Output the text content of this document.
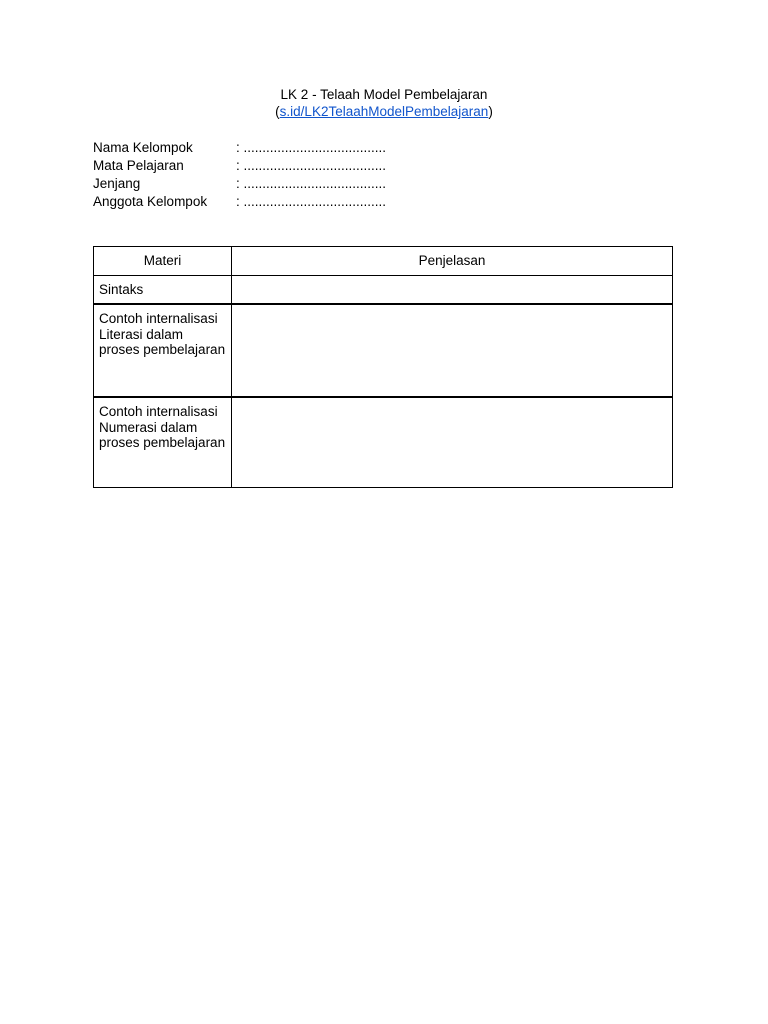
LK 2 - Telaah Model Pembelajaran
(s.id/LK2TelaahModelPembelajaran)
Nama Kelompok	: ......................................
Mata Pelajaran	: ......................................
Jenjang	: ......................................
Anggota Kelompok	: ......................................
Materi	Penjelasan

Sintaks	

Contoh internalisasi Literasi dalam proses pembelajaran	

Contoh internalisasi Numerasi dalam proses pembelajaran	
